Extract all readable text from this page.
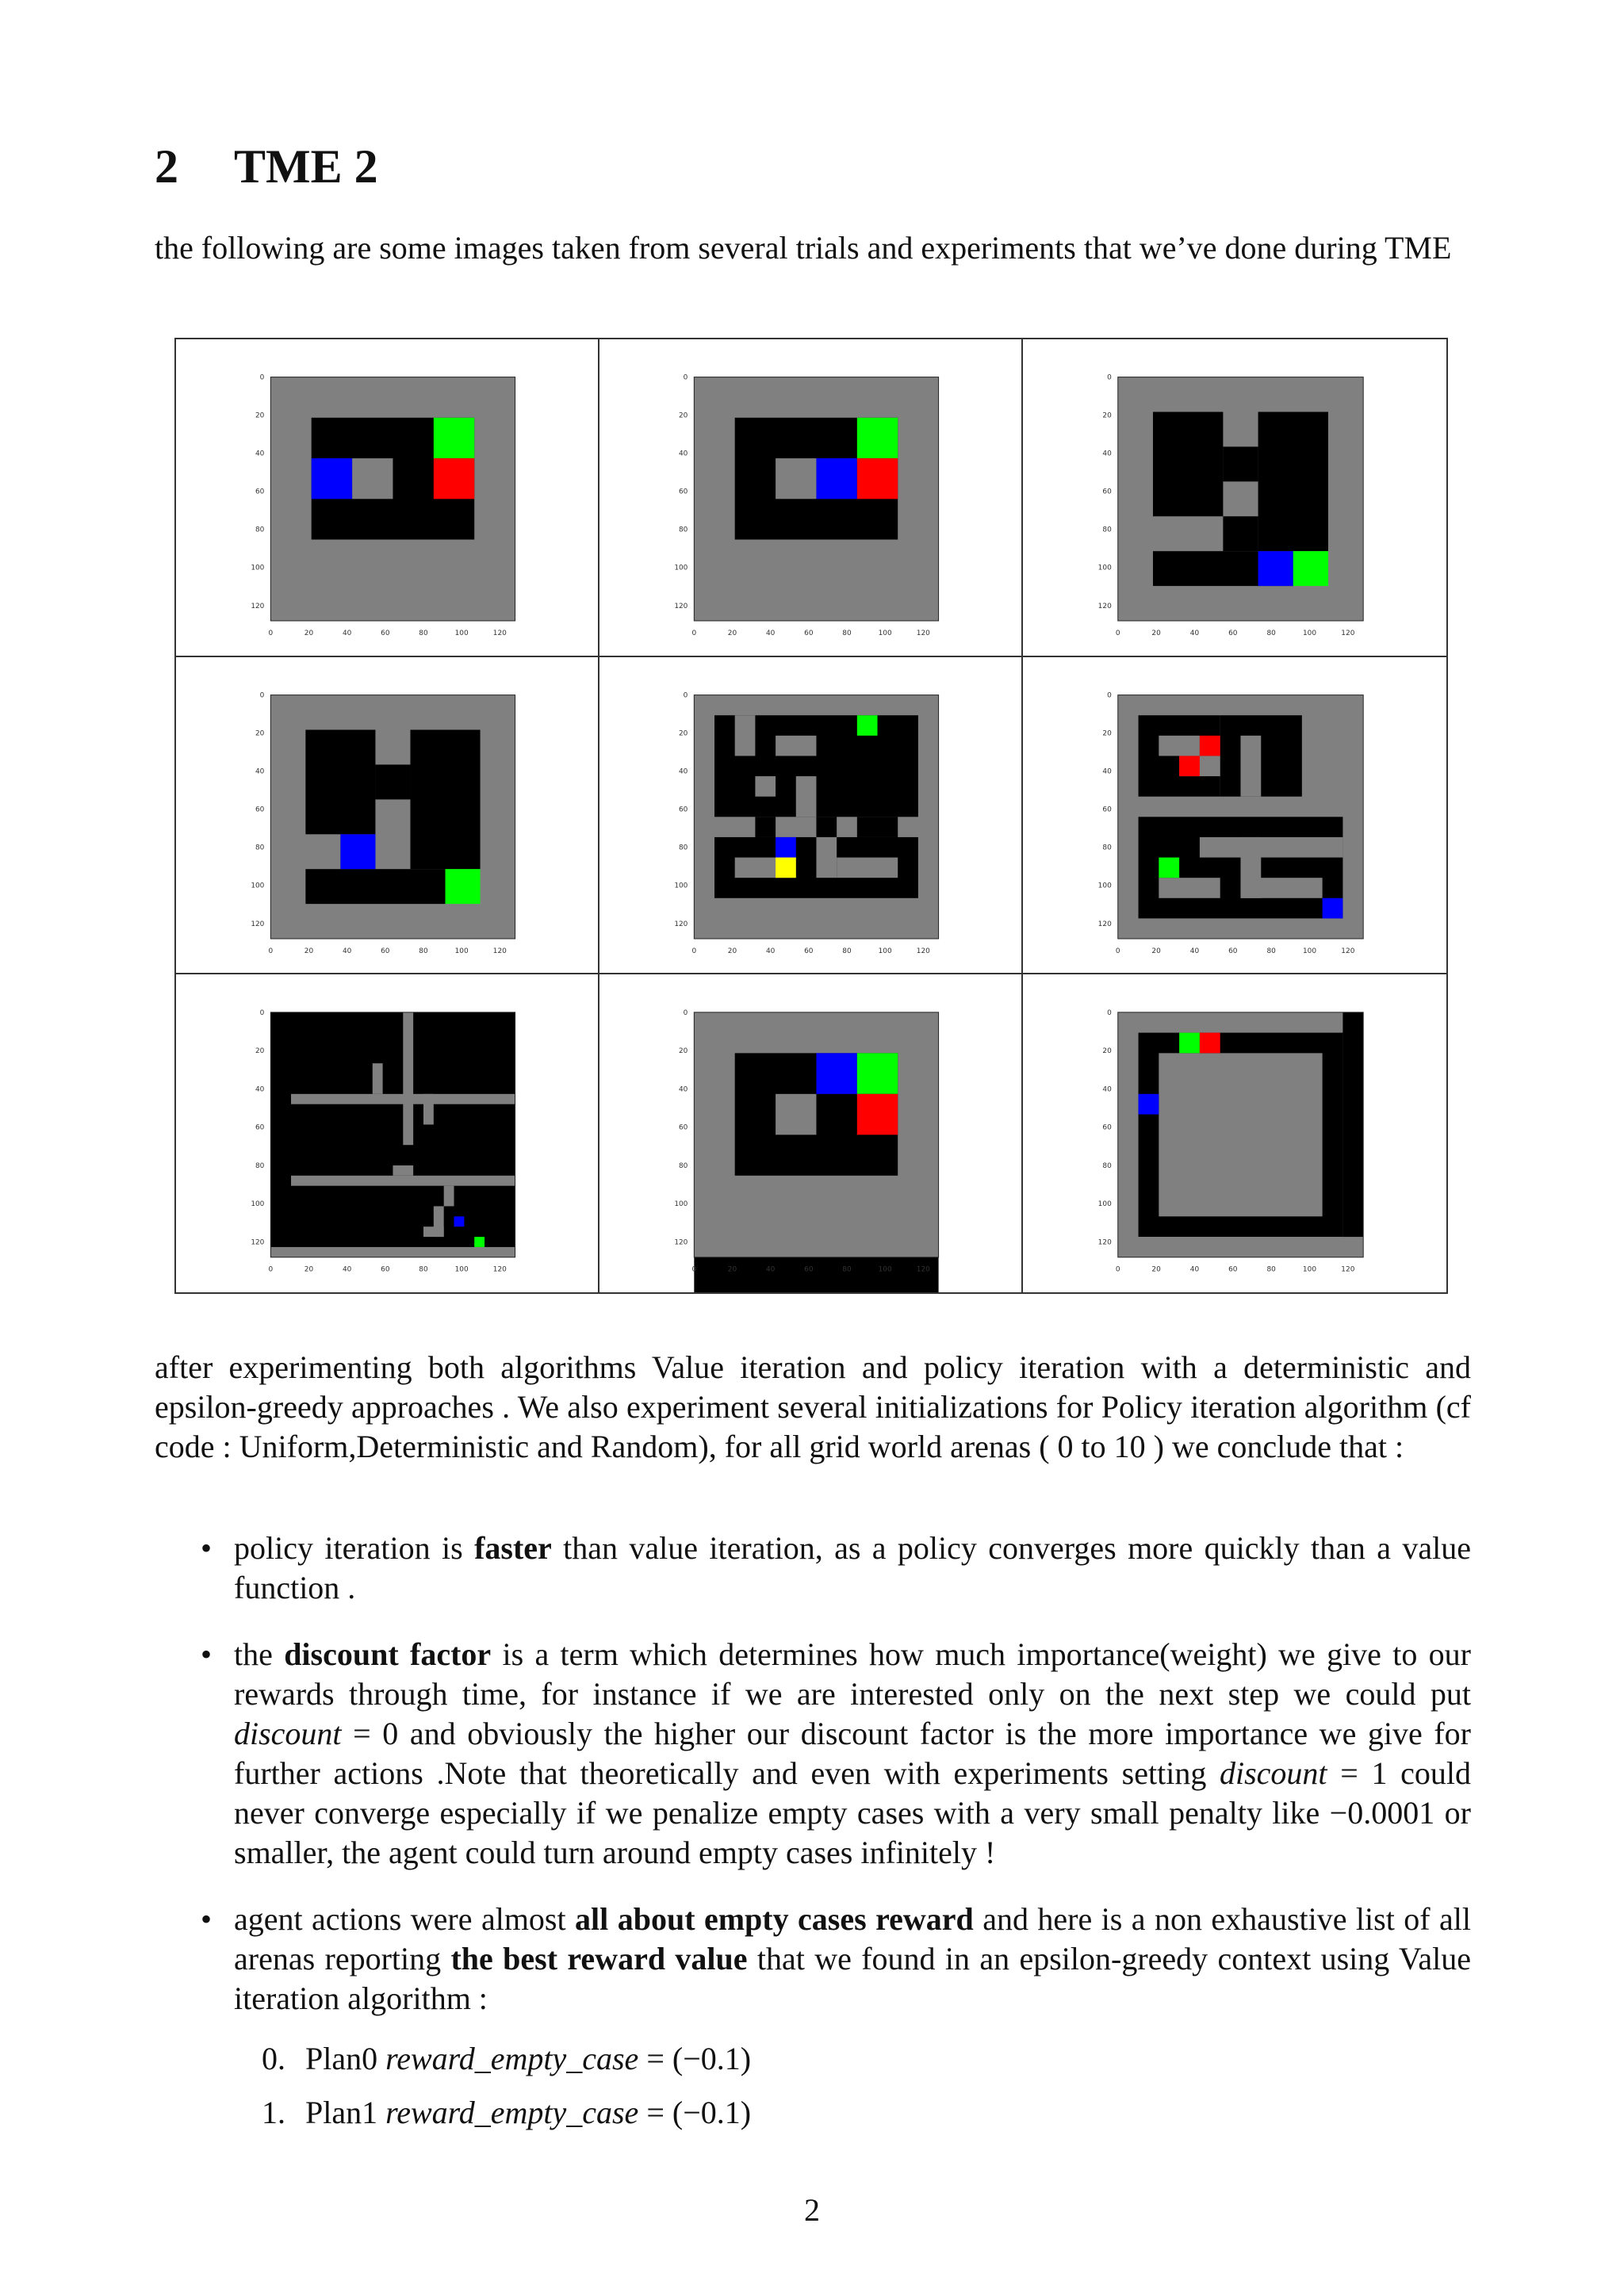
2 TME 2

the following are some images taken from several trials and experiments that we’ve done during TME

0	20	40	60	80	100	120
0
20
40
60
80
100
120
0	20	40	60	80	100	120
0
20
40
60
80
100
120
0	20	40	60	80	100	120
0
20
40
60
80
100
120
0	20	40	60	80	100	120
0
20
40
60
80
100
120
0	20	40	60	80	100	120
0
20
40
60
80
100
120
0	20	40	60	80	100	120
0
20
40
60
80
100
120
0	20	40	60	80	100	120
0
20
40
60
80
100
120
0	20	40	60	80	100	120
0
20
40
60
80
100
120
0	20	40	60	80	100	120
0
20
40
60
80
100
120

after experimenting both algorithms Value iteration and policy iteration with a deterministic and epsilon-greedy approaches . We also experiment several initializations for Policy iteration algorithm (cf code : Uniform,Deterministic and Random), for all grid world arenas ( 0 to 10 ) we conclude that :

• policy iteration is faster than value iteration, as a policy converges more quickly than a value function .
• the discount factor is a term which determines how much importance(weight) we give to our rewards through time, for instance if we are interested only on the next step we could put discount = 0 and obviously the higher our discount factor is the more importance we give for further actions .Note that theoretically and even with experiments setting discount = 1 could never converge especially if we penalize empty cases with a very small penalty like −0.0001 or smaller, the agent could turn around empty cases infinitely !
• agent actions were almost all about empty cases reward and here is a non exhaustive list of all arenas reporting the best reward value that we found in an epsilon-greedy context using Value iteration algorithm :
0. Plan0 reward_empty_case = (−0.1)
1. Plan1 reward_empty_case = (−0.1)
2
